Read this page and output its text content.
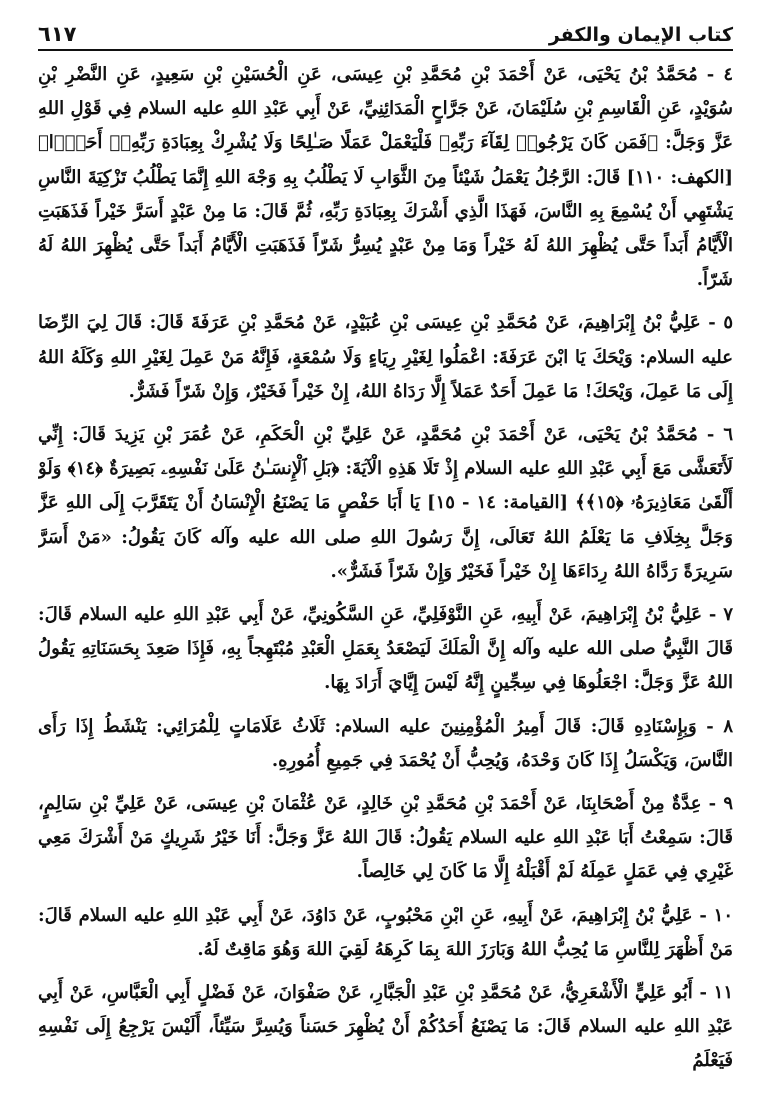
كتاب الإيمان والكفر
٦١٧

٤ - مُحَمَّدُ بْنُ يَحْيَى، عَنْ أَحْمَدَ بْنِ مُحَمَّدِ بْنِ عِيسَى، عَنِ الْحُسَيْنِ بْنِ سَعِيدٍ، عَنِ النَّضْرِ بْنِ سُوَيْدٍ، عَنِ الْقَاسِمِ بْنِ سُلَيْمَانَ، عَنْ جَرَّاحٍ الْمَدَائِنِيِّ، عَنْ أَبِي عَبْدِ اللهِ عليه السلام فِي قَوْلِ اللهِ عَزَّ وَجَلَّ: ﴿فَمَن كَانَ يَرْجُوا۟ لِقَآءَ رَبِّهِۦ فَلْيَعْمَلْ عَمَلًا صَـٰلِحًا وَلَا يُشْرِكْ بِعِبَادَةِ رَبِّهِۦٓ أَحَدًۢا﴾ [الكهف: ١١٠] قَالَ: الرَّجُلُ يَعْمَلُ شَيْئاً مِنَ الثَّوَابِ لَا يَطْلُبُ بِهِ وَجْهَ اللهِ إِنَّمَا يَطْلُبُ تَزْكِيَةَ النَّاسِ يَشْتَهِي أَنْ يُسْمِعَ بِهِ النَّاسَ، فَهَذَا الَّذِي أَشْرَكَ بِعِبَادَةِ رَبِّهِ، ثُمَّ قَالَ: مَا مِنْ عَبْدٍ أَسَرَّ خَيْراً فَذَهَبَتِ الْأَيَّامُ أَبَداً حَتَّى يُظْهِرَ اللهُ لَهُ خَيْراً وَمَا مِنْ عَبْدٍ يُسِرُّ شَرّاً فَذَهَبَتِ الْأَيَّامُ أَبَداً حَتَّى يُظْهِرَ اللهُ لَهُ شَرّاً.

٥ - عَلِيُّ بْنُ إِبْرَاهِيمَ، عَنْ مُحَمَّدِ بْنِ عِيسَى بْنِ عُبَيْدٍ، عَنْ مُحَمَّدِ بْنِ عَرَفَةَ قَالَ: قَالَ لِيَ الرِّضَا عليه السلام: وَيْحَكَ يَا ابْنَ عَرَفَةَ: اعْمَلُوا لِغَيْرِ رِيَاءٍ وَلَا سُمْعَةٍ، فَإِنَّهُ مَنْ عَمِلَ لِغَيْرِ اللهِ وَكَلَهُ اللهُ إِلَى مَا عَمِلَ، وَيْحَكَ! مَا عَمِلَ أَحَدٌ عَمَلاً إِلَّا رَدَاهُ اللهُ، إِنْ خَيْراً فَخَيْرٌ، وَإِنْ شَرّاً فَشَرٌّ.

٦ - مُحَمَّدُ بْنُ يَحْيَى، عَنْ أَحْمَدَ بْنِ مُحَمَّدٍ، عَنْ عَلِيِّ بْنِ الْحَكَمِ، عَنْ عُمَرَ بْنِ يَزِيدَ قَالَ: إِنِّي لَأَتَعَشَّى مَعَ أَبِي عَبْدِ اللهِ عليه السلام إِذْ تَلَا هَذِهِ الْآيَةَ: ﴿بَلِ ٱلْإِنسَـٰنُ عَلَىٰ نَفْسِهِۦ بَصِيرَةٌ ﴿١٤﴾ وَلَوْ أَلْقَىٰ مَعَاذِيرَهُۥ ﴿١٥﴾﴾ [القيامة: ١٤ - ١٥] يَا أَبَا حَفْصٍ مَا يَصْنَعُ الْإِنْسَانُ أَنْ يَتَقَرَّبَ إِلَى اللهِ عَزَّ وَجَلَّ بِخِلَافِ مَا يَعْلَمُ اللهُ تَعَالَى، إِنَّ رَسُولَ اللهِ صلى الله عليه وآله كَانَ يَقُولُ: «مَنْ أَسَرَّ سَرِيرَةً رَدَّاهُ اللهُ رِدَاءَهَا إِنْ خَيْراً فَخَيْرٌ وَإِنْ شَرّاً فَشَرٌّ».

٧ - عَلِيُّ بْنُ إِبْرَاهِيمَ، عَنْ أَبِيهِ، عَنِ النَّوْفَلِيِّ، عَنِ السَّكُونِيِّ، عَنْ أَبِي عَبْدِ اللهِ عليه السلام قَالَ: قَالَ النَّبِيُّ صلى الله عليه وآله إِنَّ الْمَلَكَ لَيَصْعَدُ بِعَمَلِ الْعَبْدِ مُبْتَهِجاً بِهِ، فَإِذَا صَعِدَ بِحَسَنَاتِهِ يَقُولُ اللهُ عَزَّ وَجَلَّ: اجْعَلُوهَا فِي سِجِّينٍ إِنَّهُ لَيْسَ إِيَّايَ أَرَادَ بِهَا.

٨ - وَبِإِسْنَادِهِ قَالَ: قَالَ أَمِيرُ الْمُؤْمِنِينَ عليه السلام: ثَلَاثُ عَلَامَاتٍ لِلْمُرَائِي: يَنْشَطُ إِذَا رَأَى النَّاسَ، وَيَكْسَلُ إِذَا كَانَ وَحْدَهُ، وَيُحِبُّ أَنْ يُحْمَدَ فِي جَمِيعِ أُمُورِهِ.

٩ - عِدَّةٌ مِنْ أَصْحَابِنَا، عَنْ أَحْمَدَ بْنِ مُحَمَّدِ بْنِ خَالِدٍ، عَنْ عُثْمَانَ بْنِ عِيسَى، عَنْ عَلِيِّ بْنِ سَالِمٍ، قَالَ: سَمِعْتُ أَبَا عَبْدِ اللهِ عليه السلام يَقُولُ: قَالَ اللهُ عَزَّ وَجَلَّ: أَنَا خَيْرُ شَرِيكٍ مَنْ أَشْرَكَ مَعِي غَيْرِي فِي عَمَلٍ عَمِلَهُ لَمْ أَقْبَلْهُ إِلَّا مَا كَانَ لِي خَالِصاً.

١٠ - عَلِيُّ بْنُ إِبْرَاهِيمَ، عَنْ أَبِيهِ، عَنِ ابْنِ مَحْبُوبٍ، عَنْ دَاوُدَ، عَنْ أَبِي عَبْدِ اللهِ عليه السلام قَالَ: مَنْ أَظْهَرَ لِلنَّاسِ مَا يُحِبُّ اللهُ وَبَارَزَ اللهَ بِمَا كَرِهَهُ لَقِيَ اللهَ وَهُوَ مَاقِتٌ لَهُ.

١١ - أَبُو عَلِيٍّ الْأَشْعَرِيُّ، عَنْ مُحَمَّدِ بْنِ عَبْدِ الْجَبَّارِ، عَنْ صَفْوَانَ، عَنْ فَضْلٍ أَبِي الْعَبَّاسِ، عَنْ أَبِي عَبْدِ اللهِ عليه السلام قَالَ: مَا يَصْنَعُ أَحَدُكُمْ أَنْ يُظْهِرَ حَسَناً وَيُسِرَّ سَيِّئاً، أَلَيْسَ يَرْجِعُ إِلَى نَفْسِهِ فَيَعْلَمُ
